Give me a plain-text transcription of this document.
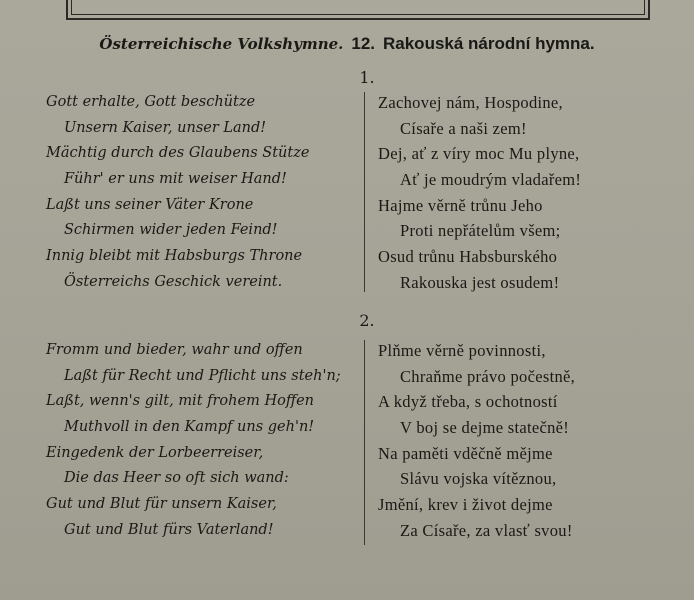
Österreichische Volkshymne. 12. Rakouská národní hymna.
1.
Gott erhalte, Gott beschütze
Unsern Kaiser, unser Land!
Mächtig durch des Glaubens Stütze
Führ' er uns mit weiser Hand!
Laßt uns seiner Väter Krone
Schirmen wider jeden Feind!
Innig bleibt mit Habsburgs Throne
Österreichs Geschick vereint.
Zachovej nám, Hospodine,
Císaře a naši zem!
Dej, ať z víry moc Mu plyne,
Ať je moudrým vladařem!
Hajme věrně trůnu Jeho
Proti nepřátelům všem;
Osud trůnu Habsburského
Rakouska jest osudem!
2.
Fromm und bieder, wahr und offen
Laßt für Recht und Pflicht uns steh'n;
Laßt, wenn's gilt, mit frohem Hoffen
Muthvoll in den Kampf uns geh'n!
Eingedenk der Lorbeerreiser,
Die das Heer so oft sich wand:
Gut und Blut für unsern Kaiser,
Gut und Blut fürs Vaterland!
Plňme věrně povinnosti,
Chraňme právo počestně,
A když třeba, s ochotností
V boj se dejme statečně!
Na paměti vděčně mějme
Slávu vojska vítěznou,
Jmění, krev i život dejme
Za Císaře, za vlasť svou!
